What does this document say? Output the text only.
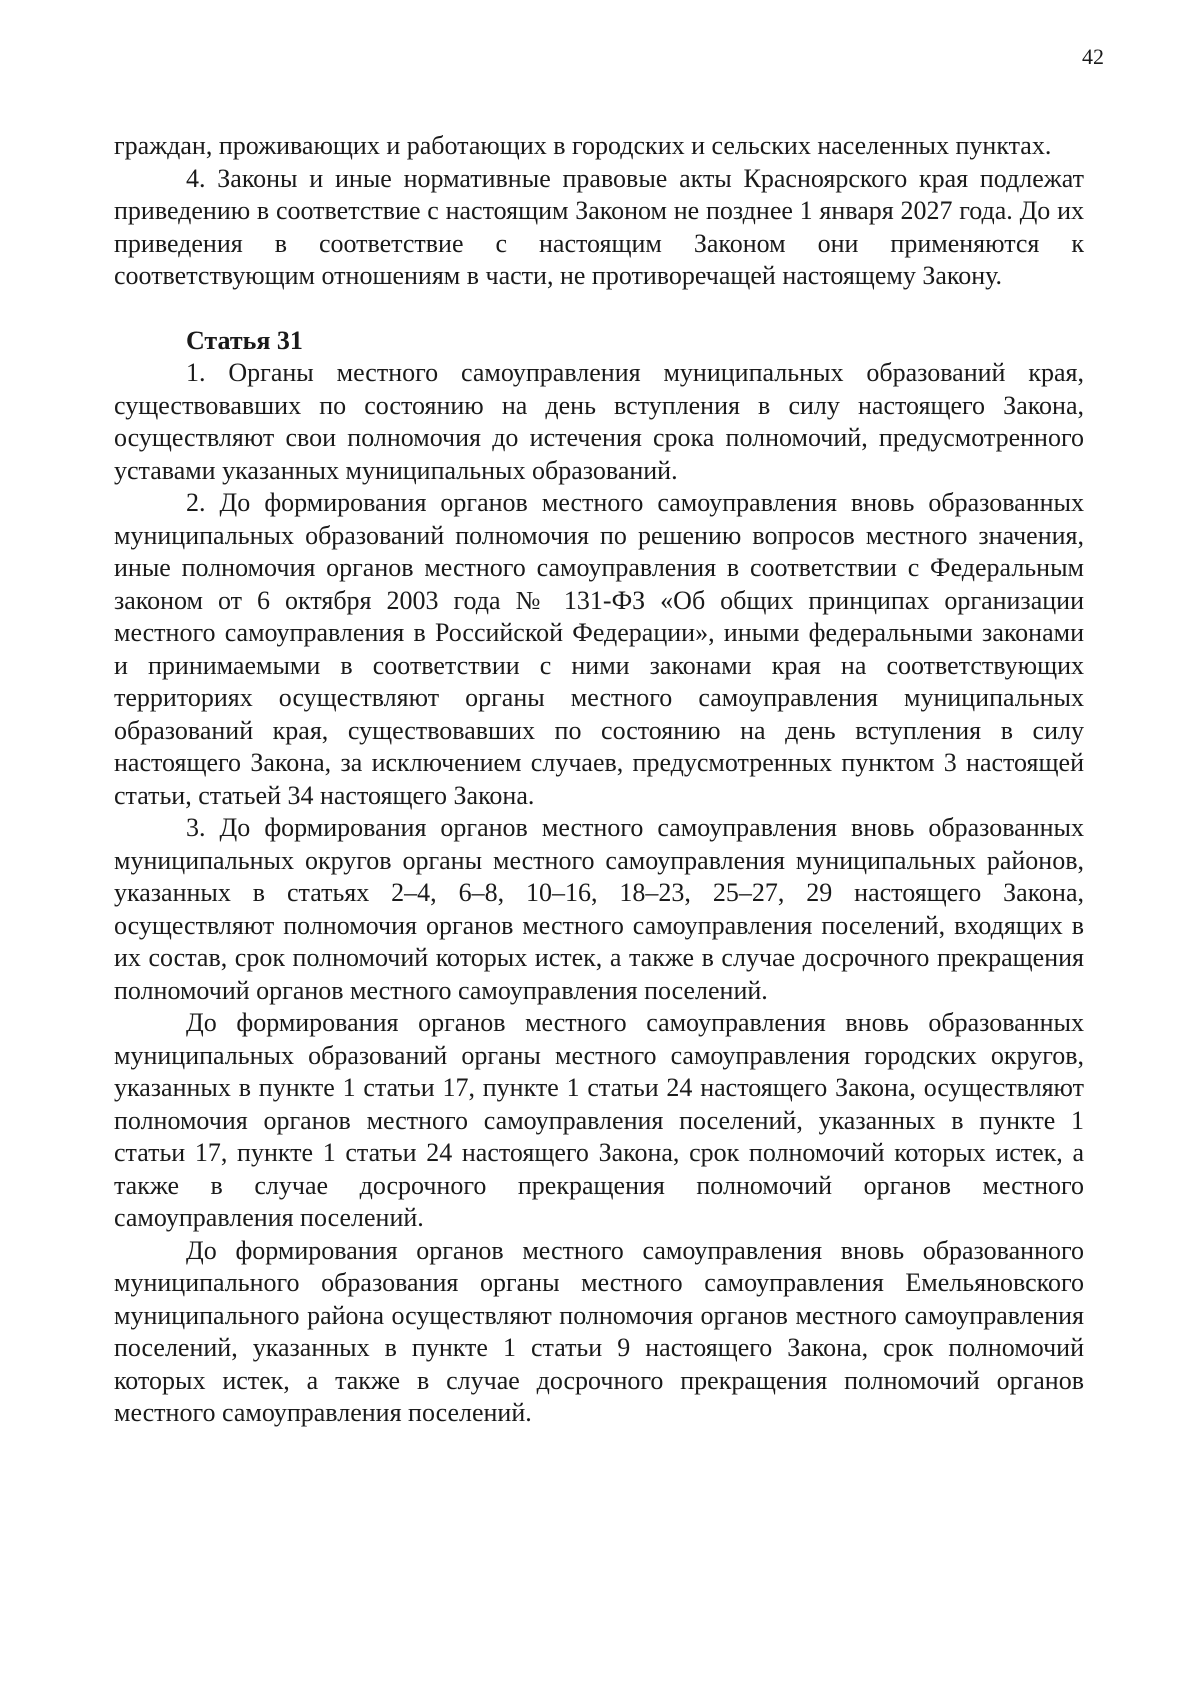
42

граждан, проживающих и работающих в городских и сельских населенных пунктах.

4. Законы и иные нормативные правовые акты Красноярского края подлежат приведению в соответствие с настоящим Законом не позднее 1 января 2027 года. До их приведения в соответствие с настоящим Законом они применяются к соответствующим отношениям в части, не противоречащей настоящему Закону.

Статья 31

1. Органы местного самоуправления муниципальных образований края, существовавших по состоянию на день вступления в силу настоящего Закона, осуществляют свои полномочия до истечения срока полномочий, предусмотренного уставами указанных муниципальных образований.

2. До формирования органов местного самоуправления вновь образованных муниципальных образований полномочия по решению вопросов местного значения, иные полномочия органов местного самоуправления в соответствии с Федеральным законом от 6 октября 2003 года № 131-ФЗ «Об общих принципах организации местного самоуправления в Российской Федерации», иными федеральными законами и принимаемыми в соответствии с ними законами края на соответствующих территориях осуществляют органы местного самоуправления муниципальных образований края, существовавших по состоянию на день вступления в силу настоящего Закона, за исключением случаев, предусмотренных пунктом 3 настоящей статьи, статьей 34 настоящего Закона.

3. До формирования органов местного самоуправления вновь образованных муниципальных округов органы местного самоуправления муниципальных районов, указанных в статьях 2–4, 6–8, 10–16, 18–23, 25–27, 29 настоящего Закона, осуществляют полномочия органов местного самоуправления поселений, входящих в их состав, срок полномочий которых истек, а также в случае досрочного прекращения полномочий органов местного самоуправления поселений.

До формирования органов местного самоуправления вновь образованных муниципальных образований органы местного самоуправления городских округов, указанных в пункте 1 статьи 17, пункте 1 статьи 24 настоящего Закона, осуществляют полномочия органов местного самоуправления поселений, указанных в пункте 1 статьи 17, пункте 1 статьи 24 настоящего Закона, срок полномочий которых истек, а также в случае досрочного прекращения полномочий органов местного самоуправления поселений.

До формирования органов местного самоуправления вновь образованного муниципального образования органы местного самоуправления Емельяновского муниципального района осуществляют полномочия органов местного самоуправления поселений, указанных в пункте 1 статьи 9 настоящего Закона, срок полномочий которых истек, а также в случае досрочного прекращения полномочий органов местного самоуправления поселений.
